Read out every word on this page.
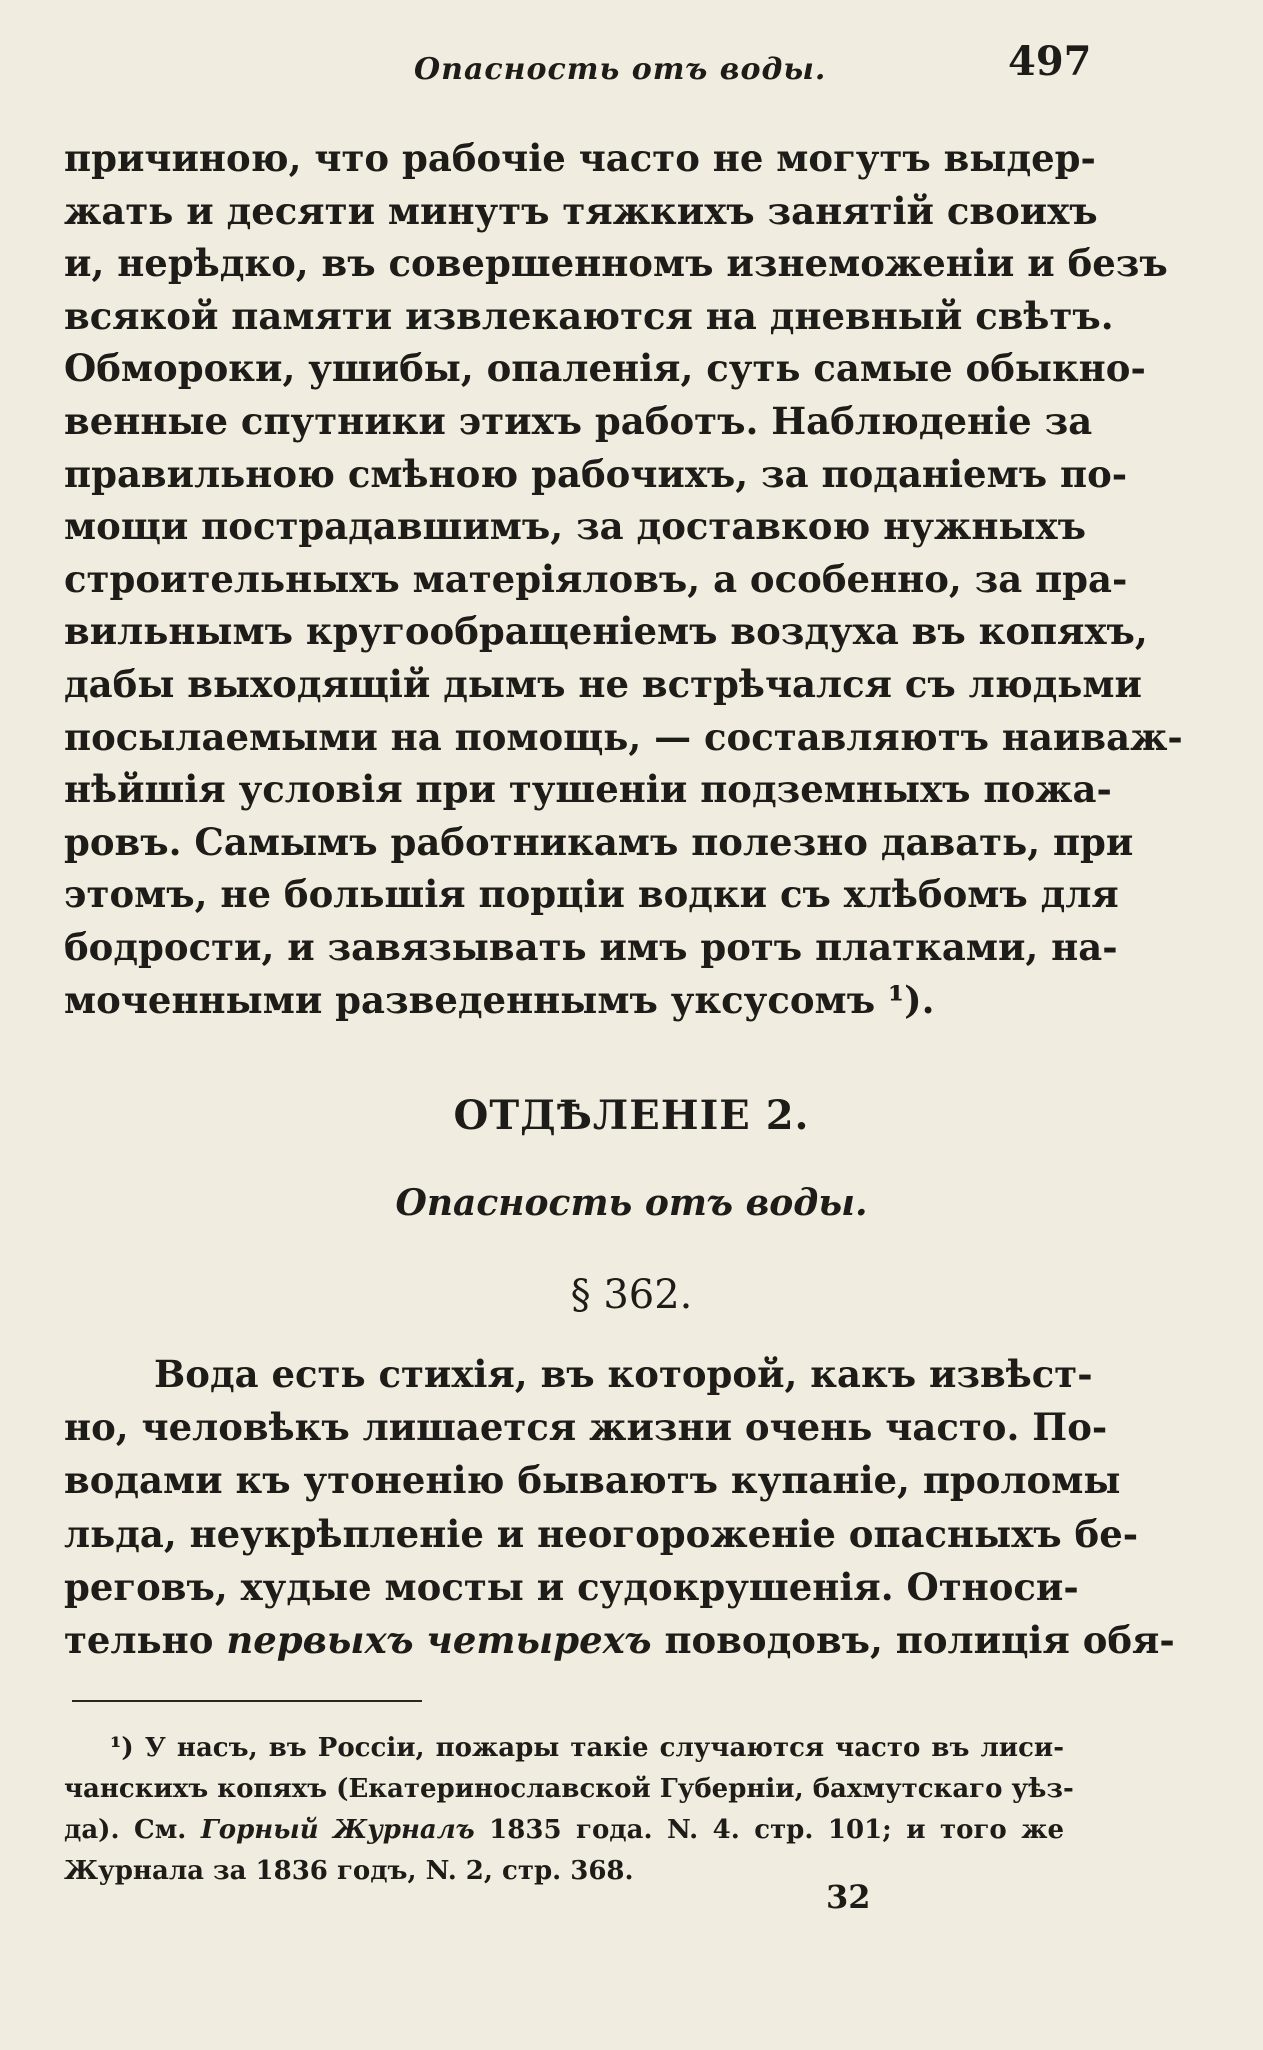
Опасность отъ воды.	497
причиною, что рабочіе часто не могутъ выдер-
жать и десяти минутъ тяжкихъ занятій своихъ
и, нерѣдко, въ совершенномъ изнеможеніи и безъ
всякой памяти извлекаются на дневный свѣтъ.
Обмороки, ушибы, опаленія, суть самые обыкно-
венные спутники этихъ работъ. Наблюденіе за
правильною смѣною рабочихъ, за поданіемъ по-
мощи пострадавшимъ, за доставкою нужныхъ
строительныхъ матеріяловъ, а особенно, за пра-
вильнымъ кругообращеніемъ воздуха въ копяхъ,
дабы выходящій дымъ не встрѣчался съ людьми
посылаемыми на помощь, — составляютъ наиваж-
нѣйшія условія при тушеніи подземныхъ пожа-
ровъ. Самымъ работникамъ полезно давать, при
этомъ, не большія порціи водки съ хлѣбомъ для
бодрости, и завязывать имъ ротъ платками, на-
моченными разведеннымъ уксусомъ ¹).
ОТДѢЛЕНІЕ 2.
Опасность отъ воды.
§ 362.
Вода есть стихія, въ которой, какъ извѣст-
но, человѣкъ лишается жизни очень часто. По-
водами къ утоненію бываютъ купаніе, проломы
льда, неукрѣпленіе и неогороженіе опасныхъ бе-
реговъ, худые мосты и судокрушенія. Относи-
тельно первыхъ четырехъ поводовъ, полиція обя-
¹) У насъ, въ Россіи, пожары такіе случаются часто въ лиси-
чанскихъ копяхъ (Екатеринославской Губерніи, бахмутскаго уѣз-
да). См. Горный Журналъ 1835 года. N. 4. стр. 101; и того же
Журнала за 1836 годъ, N. 2, стр. 368.
32
